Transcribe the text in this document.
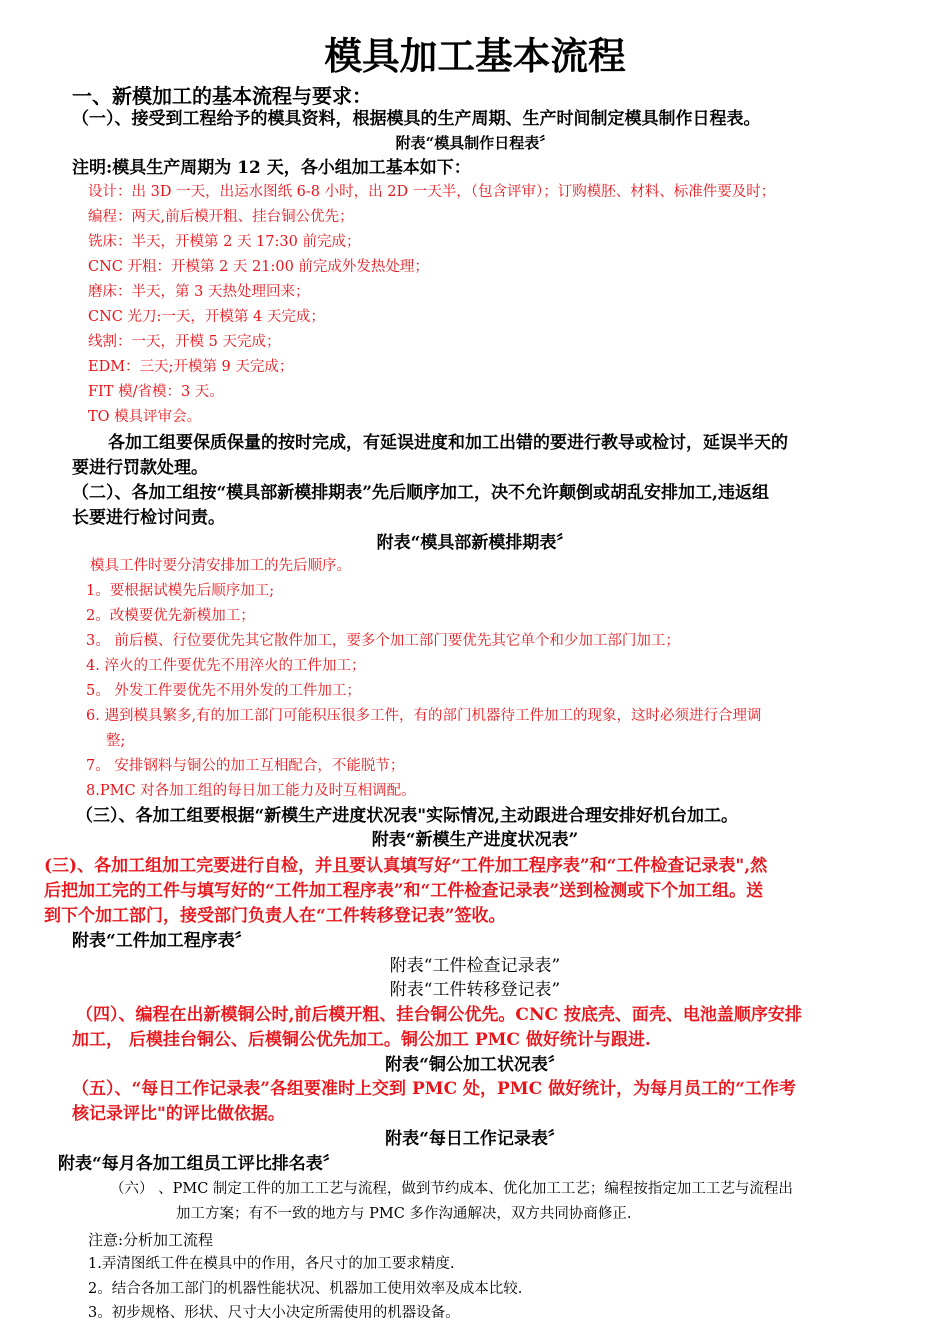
模具加工基本流程
一、新模加工的基本流程与要求：
（一）、接受到工程给予的模具资料，根据模具的生产周期、生产时间制定模具制作日程表。
附表“模具制作日程表〞
注明:模具生产周期为 12 天，各小组加工基本如下：
设计：出 3D 一天，出运水图纸 6-8 小时，出 2D 一天半，（包含评审）；订购模胚、材料、标准件要及时；
编程：两天,前后模开粗、挂台铜公优先；
铣床：半天，开模第 2 天 17:30 前完成；
CNC 开粗：开模第 2 天 21:00 前完成外发热处理；
磨床：半天，第 3 天热处理回来；
CNC 光刀:一天，开模第 4 天完成；
线割：一天，开模 5 天完成；
EDM：三天;开模第 9 天完成；
FIT 模/省模：3 天。
TO 模具评审会。
各加工组要保质保量的按时完成，有延误进度和加工出错的要进行教导或检讨，延误半天的
要进行罚款处理。
（二）、各加工组按“模具部新模排期表”先后顺序加工，决不允许颠倒或胡乱安排加工,违返组
长要进行检讨问责。
附表“模具部新模排期表〞
模具工件时要分清安排加工的先后顺序。
1。要根据试模先后顺序加工;
2。改模要优先新模加工；
3。 前后模、行位要优先其它散件加工，要多个加工部门要优先其它单个和少加工部门加工；
4. 淬火的工件要优先不用淬火的工件加工；
5。 外发工件要优先不用外发的工件加工；
6. 遇到模具繁多,有的加工部门可能积压很多工件，有的部门机器待工件加工的现象，这时必须进行合理调
整;
7。 安排钢料与铜公的加工互相配合，不能脱节；
8.PMC 对各加工组的每日加工能力及时互相调配。
（三）、各加工组要根据“新模生产进度状况表"实际情况,主动跟进合理安排好机台加工。
附表“新模生产进度状况表”
(三)、各加工组加工完要进行自检，并且要认真填写好“工件加工程序表”和“工件检查记录表",然
后把加工完的工件与填写好的“工件加工程序表”和“工件检查记录表”送到检测或下个加工组。送
到下个加工部门，接受部门负责人在“工件转移登记表”签收。
附表“工件加工程序表〞
附表“工件检查记录表”
附表“工件转移登记表”
（四）、编程在出新模铜公时,前后模开粗、挂台铜公优先。CNC 按底壳、面壳、电池盖顺序安排
加工， 后模挂台铜公、后模铜公优先加工。铜公加工 PMC 做好统计与跟进.
附表“铜公加工状况表〞
（五）、“每日工作记录表”各组要准时上交到 PMC 处，PMC 做好统计，为每月员工的“工作考
核记录评比"的评比做依据。
附表“每日工作记录表〞
附表“每月各加工组员工评比排名表〞
（六） 、PMC 制定工件的加工工艺与流程，做到节约成本、优化加工工艺；编程按指定加工工艺与流程出
加工方案；有不一致的地方与 PMC 多作沟通解决，双方共同协商修正.
注意:分析加工流程
1.弄清图纸工件在模具中的作用，各尺寸的加工要求精度.
2。结合各加工部门的机器性能状况、机器加工使用效率及成本比较.
3。初步规格、形状、尺寸大小决定所需使用的机器设备。
